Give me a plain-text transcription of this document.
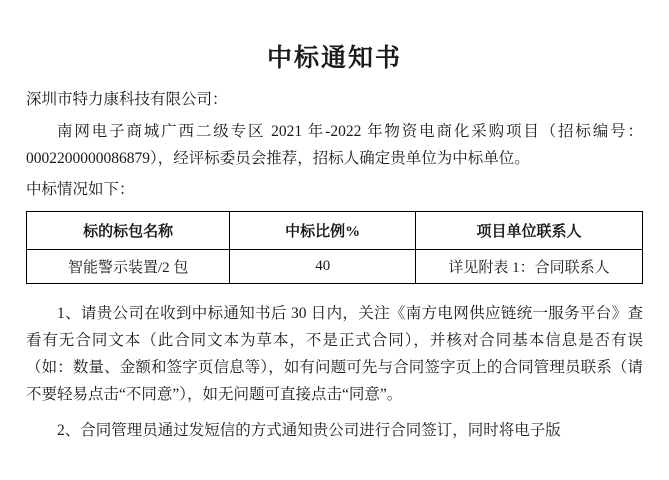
中标通知书

深圳市特力康科技有限公司：

南网电子商城广西二级专区 2021 年-2022 年物资电商化采购项目（招标编号：0002200000086879），经评标委员会推荐，招标人确定贵单位为中标单位。

中标情况如下：

标的标包名称	中标比例%	项目单位联系人
智能警示装置/2 包	40	详见附表 1：合同联系人

1、请贵公司在收到中标通知书后 30 日内，关注《南方电网供应链统一服务平台》查看有无合同文本（此合同文本为草本，不是正式合同），并核对合同基本信息是否有误（如：数量、金额和签字页信息等），如有问题可先与合同签字页上的合同管理员联系（请不要轻易点击“不同意”），如无问题可直接点击“同意”。

2、合同管理员通过发短信的方式通知贵公司进行合同签订，同时将电子版
